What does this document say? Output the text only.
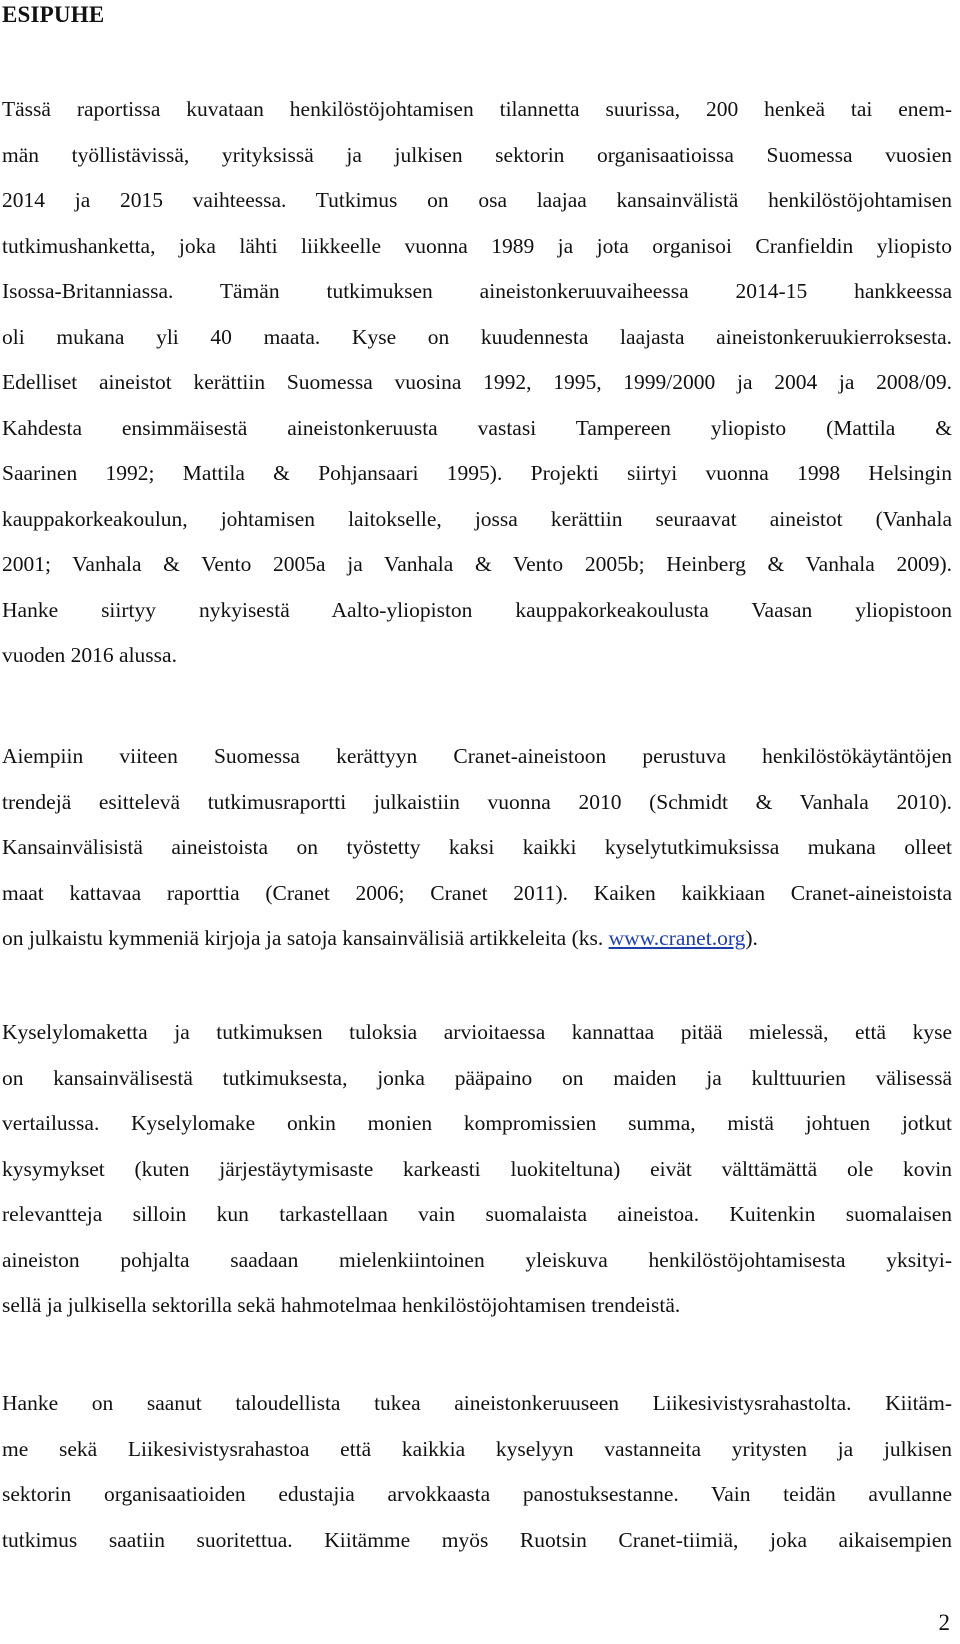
ESIPUHE

Tässä raportissa kuvataan henkilöstöjohtamisen tilannetta suurissa, 200 henkeä tai enem-
män työllistävissä, yrityksissä ja julkisen sektorin organisaatioissa Suomessa vuosien
2014 ja 2015 vaihteessa. Tutkimus on osa laajaa kansainvälistä henkilöstöjohtamisen
tutkimushanketta, joka lähti liikkeelle vuonna 1989 ja jota organisoi Cranfieldin yliopisto
Isossa-Britanniassa. Tämän tutkimuksen aineistonkeruuvaiheessa 2014-15 hankkeessa
oli mukana yli 40 maata. Kyse on kuudennesta laajasta aineistonkeruukierroksesta.
Edelliset aineistot kerättiin Suomessa vuosina 1992, 1995, 1999/2000 ja 2004 ja 2008/09.
Kahdesta ensimmäisestä aineistonkeruusta vastasi Tampereen yliopisto (Mattila &
Saarinen 1992; Mattila & Pohjansaari 1995). Projekti siirtyi vuonna 1998 Helsingin
kauppakorkeakoulun, johtamisen laitokselle, jossa kerättiin seuraavat aineistot (Vanhala
2001; Vanhala & Vento 2005a ja Vanhala & Vento 2005b; Heinberg & Vanhala 2009).
Hanke siirtyy nykyisestä Aalto-yliopiston kauppakorkeakoulusta Vaasan yliopistoon
vuoden 2016 alussa.

Aiempiin viiteen Suomessa kerättyyn Cranet-aineistoon perustuva henkilöstökäytäntöjen
trendejä esittelevä tutkimusraportti julkaistiin vuonna 2010 (Schmidt & Vanhala 2010).
Kansainvälisistä aineistoista on työstetty kaksi kaikki kyselytutkimuksissa mukana olleet
maat kattavaa raporttia (Cranet 2006; Cranet 2011). Kaiken kaikkiaan Cranet-aineistoista
on julkaistu kymmeniä kirjoja ja satoja kansainvälisiä artikkeleita (ks. www.cranet.org).

Kyselylomaketta ja tutkimuksen tuloksia arvioitaessa kannattaa pitää mielessä, että kyse
on kansainvälisestä tutkimuksesta, jonka pääpaino on maiden ja kulttuurien välisessä
vertailussa. Kyselylomake onkin monien kompromissien summa, mistä johtuen jotkut
kysymykset (kuten järjestäytymisaste karkeasti luokiteltuna) eivät välttämättä ole kovin
relevantteja silloin kun tarkastellaan vain suomalaista aineistoa. Kuitenkin suomalaisen
aineiston pohjalta saadaan mielenkiintoinen yleiskuva henkilöstöjohtamisesta yksityi-
sellä ja julkisella sektorilla sekä hahmotelmaa henkilöstöjohtamisen trendeistä.

Hanke on saanut taloudellista tukea aineistonkeruuseen Liikesivistysrahastolta. Kiitäm-
me sekä Liikesivistysrahastoa että kaikkia kyselyyn vastanneita yritysten ja julkisen
sektorin organisaatioiden edustajia arvokkaasta panostuksestanne. Vain teidän avullanne
tutkimus saatiin suoritettua. Kiitämme myös Ruotsin Cranet-tiimiä, joka aikaisempien

2
